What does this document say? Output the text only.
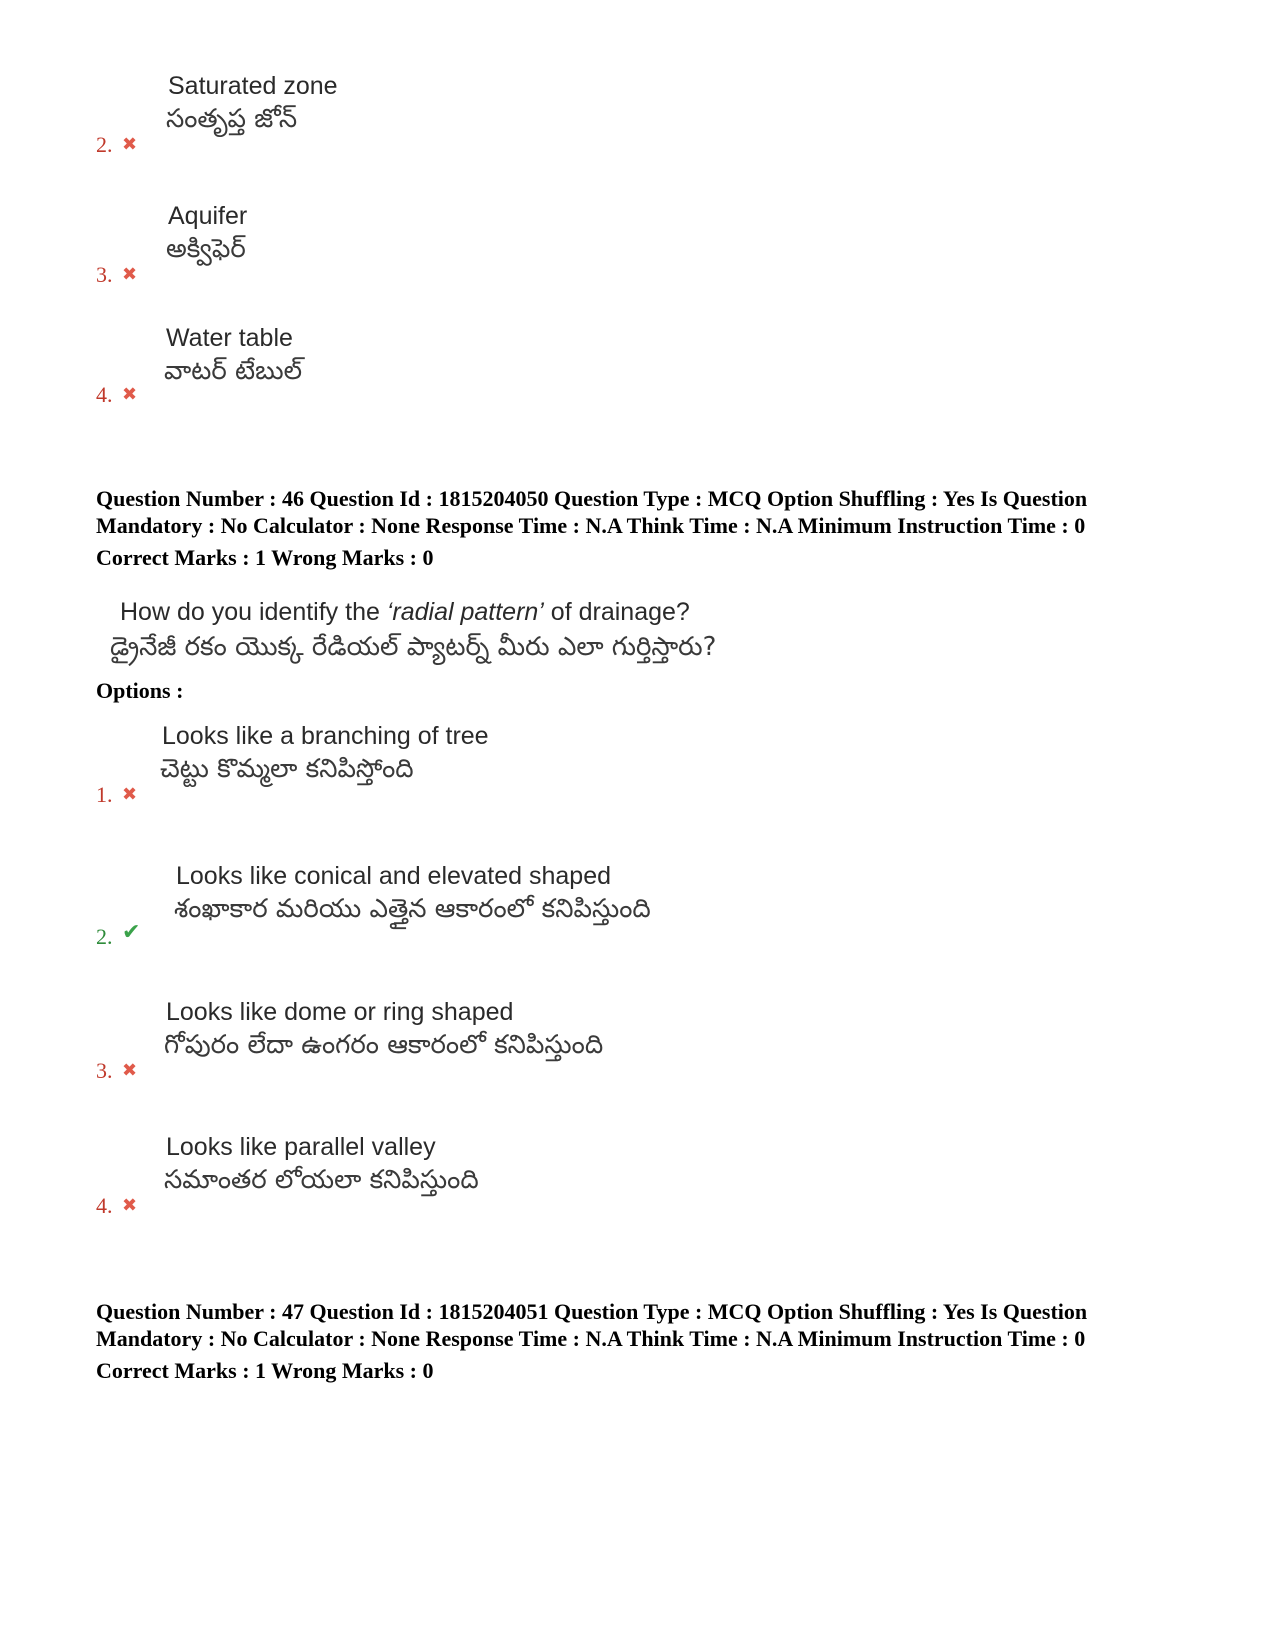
Saturated zone
సంతృప్త జోన్
2. ✖
Aquifer
అక్విఫెర్
3. ✖
Water table
వాటర్ టేబుల్
4. ✖
Question Number : 46 Question Id : 1815204050 Question Type : MCQ Option Shuffling : Yes Is Question Mandatory : No Calculator : None Response Time : N.A Think Time : N.A Minimum Instruction Time : 0
Correct Marks : 1 Wrong Marks : 0
How do you identify the ‘radial pattern’ of drainage?
డ్రైనేజీ రకం యొక్క రేడియల్ ప్యాటర్న్ మీరు ఎలా గుర్తిస్తారు?
Options :
Looks like a branching of tree
చెట్టు కొమ్మలా కనిపిస్తోంది
1. ✖
Looks like conical and elevated shaped
శంఖాకార మరియు ఎత్తైన ఆకారంలో కనిపిస్తుంది
2. ✔
Looks like dome or ring shaped
గోపురం లేదా ఉంగరం ఆకారంలో కనిపిస్తుంది
3. ✖
Looks like parallel valley
సమాంతర లోయలా కనిపిస్తుంది
4. ✖
Question Number : 47 Question Id : 1815204051 Question Type : MCQ Option Shuffling : Yes Is Question Mandatory : No Calculator : None Response Time : N.A Think Time : N.A Minimum Instruction Time : 0
Correct Marks : 1 Wrong Marks : 0
